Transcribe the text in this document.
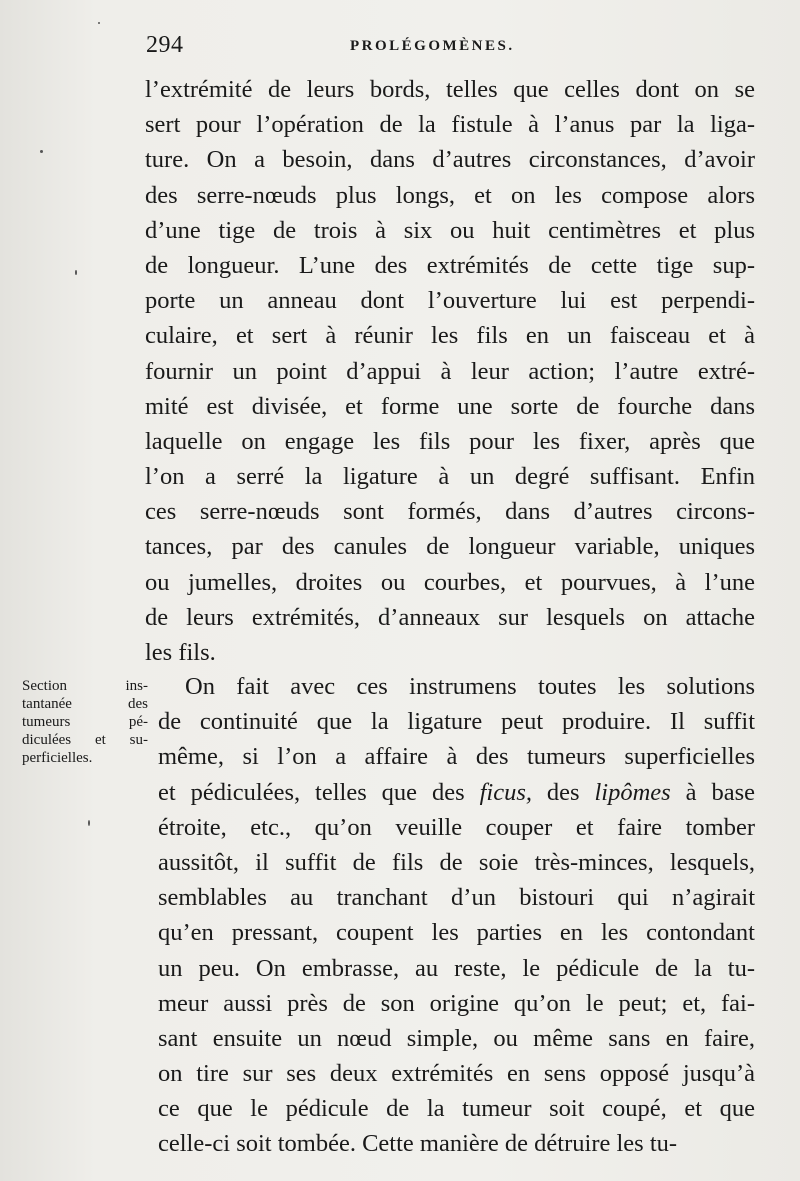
294	PROLÉGOMÈNES.
l’extrémité de leurs bords, telles que celles dont on se
sert pour l’opération de la fistule à l’anus par la liga-
ture. On a besoin, dans d’autres circonstances, d’avoir
des serre-nœuds plus longs, et on les compose alors
d’une tige de trois à six ou huit centimètres et plus
de longueur. L’une des extrémités de cette tige sup-
porte un anneau dont l’ouverture lui est perpendi-
culaire, et sert à réunir les fils en un faisceau et à
fournir un point d’appui à leur action; l’autre extré-
mité est divisée, et forme une sorte de fourche dans
laquelle on engage les fils pour les fixer, après que
l’on a serré la ligature à un degré suffisant. Enfin
ces serre-nœuds sont formés, dans d’autres circons-
tances, par des canules de longueur variable, uniques
ou jumelles, droites ou courbes, et pourvues, à l’une
de leurs extrémités, d’anneaux sur lesquels on attache
les fils.
Section ins-
tantanée des
tumeurs pé-
diculées et su-
perficielles.
On fait avec ces instrumens toutes les solutions
de continuité que la ligature peut produire. Il suffit
même, si l’on a affaire à des tumeurs superficielles
et pédiculées, telles que des ficus, des lipômes à base
étroite, etc., qu’on veuille couper et faire tomber
aussitôt, il suffit de fils de soie très-minces, lesquels,
semblables au tranchant d’un bistouri qui n’agirait
qu’en pressant, coupent les parties en les contondant
un peu. On embrasse, au reste, le pédicule de la tu-
meur aussi près de son origine qu’on le peut; et, fai-
sant ensuite un nœud simple, ou même sans en faire,
on tire sur ses deux extrémités en sens opposé jusqu’à
ce que le pédicule de la tumeur soit coupé, et que
celle-ci soit tombée. Cette manière de détruire les tu-
